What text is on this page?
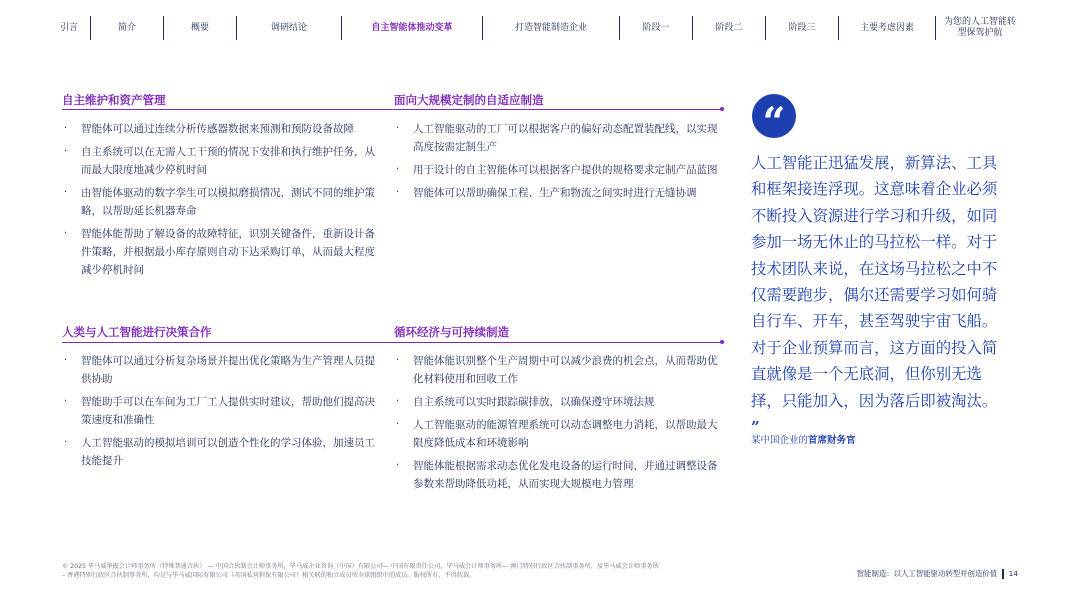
引言	简介	概要	调研结论	自主智能体推动变革	打造智能制造企业	阶段一	阶段二	阶段三	主要考虑因素
为您的人工智能转型保驾护航
自主维护和资产管理
· 智能体可以通过连续分析传感器数据来预测和预防设备故障
· 自主系统可以在无需人工干预的情况下安排和执行维护任务，从而最大限度地减少停机时间
· 由智能体驱动的数字孪生可以模拟磨损情况，测试不同的维护策略，以帮助延长机器寿命
· 智能体能帮助了解设备的故障特征，识别关键备件，重新设计备件策略，并根据最小库存原则自动下达采购订单，从而最大程度减少停机时间
面向大规模定制的自适应制造
· 人工智能驱动的工厂可以根据客户的偏好动态配置装配线，以实现高度按需定制生产
· 用于设计的自主智能体可以根据客户提供的规格要求定制产品蓝图
· 智能体可以帮助确保工程、生产和物流之间实时进行无缝协调
人类与人工智能进行决策合作
· 智能体可以通过分析复杂场景并提出优化策略为生产管理人员提供协助
· 智能助手可以在车间为工厂工人提供实时建议，帮助他们提高决策速度和准确性
· 人工智能驱动的模拟培训可以创造个性化的学习体验，加速员工技能提升
循环经济与可持续制造
· 智能体能识别整个生产周期中可以减少浪费的机会点，从而帮助优化材料使用和回收工作
· 自主系统可以实时跟踪碳排放，以确保遵守环境法规
· 人工智能驱动的能源管理系统可以动态调整电力消耗，以帮助最大限度降低成本和环境影响
· 智能体能根据需求动态优化发电设备的运行时间，并通过调整设备参数来帮助降低功耗，从而实现大规模电力管理
“
人工智能正迅猛发展，新算法、工具和框架接连浮现。这意味着企业必须不断投入资源进行学习和升级，如同参加一场无休止的马拉松一样。对于技术团队来说，在这场马拉松之中不仅需要跑步，偶尔还需要学习如何骑自行车、开车，甚至驾驶宇宙飞船。对于企业预算而言，这方面的投入简直就像是一个无底洞，但你别无选择，只能加入，因为落后即被淘汰。 ”
某中国企业的首席财务官
© 2025 毕马威华振会计师事务所（特殊普通合伙） — 中国合伙制会计师事务所，毕马威企业咨询（中国）有限公司— 中国有限责任公司，毕马威会计师事务所— 澳门特别行政区合伙制事务所，及毕马威会计师事务所 – 香港特别行政区合伙制事务所，均是与毕马威国际有限公司（英国私营担保有限公司）相关联的独立成员所全球组织中的成员。版权所有，不得转载。	智能制造：以人工智能驱动转型并创造价值 14
